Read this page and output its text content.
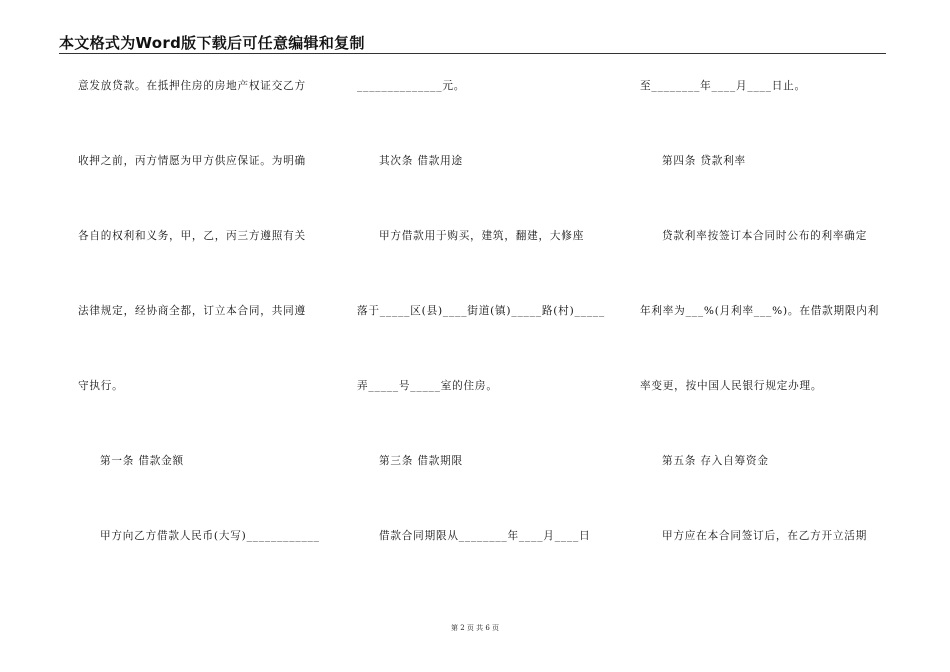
本文格式为Word版下载后可任意编辑和复制
意发放贷款。在抵押住房的房地产权证交乙方
收押之前，丙方情愿为甲方供应保证。为明确
各自的权利和义务，甲，乙，丙三方遵照有关
法律规定，经协商全都，订立本合同，共同遵
守执行。
第一条 借款金额
甲方向乙方借款人民币(大写)____________
______________元。
其次条 借款用途
甲方借款用于购买，建筑，翻建，大修座
落于_____区(县)____街道(镇)_____路(村)_____
弄_____号_____室的住房。
第三条 借款期限
借款合同期限从________年____月____日
至________年____月____日止。
第四条 贷款利率
贷款利率按签订本合同时公布的利率确定
年利率为___%(月利率___%)。在借款期限内利
率变更，按中国人民银行规定办理。
第五条 存入自筹资金
甲方应在本合同签订后，在乙方开立活期
第 2 页 共 6 页
